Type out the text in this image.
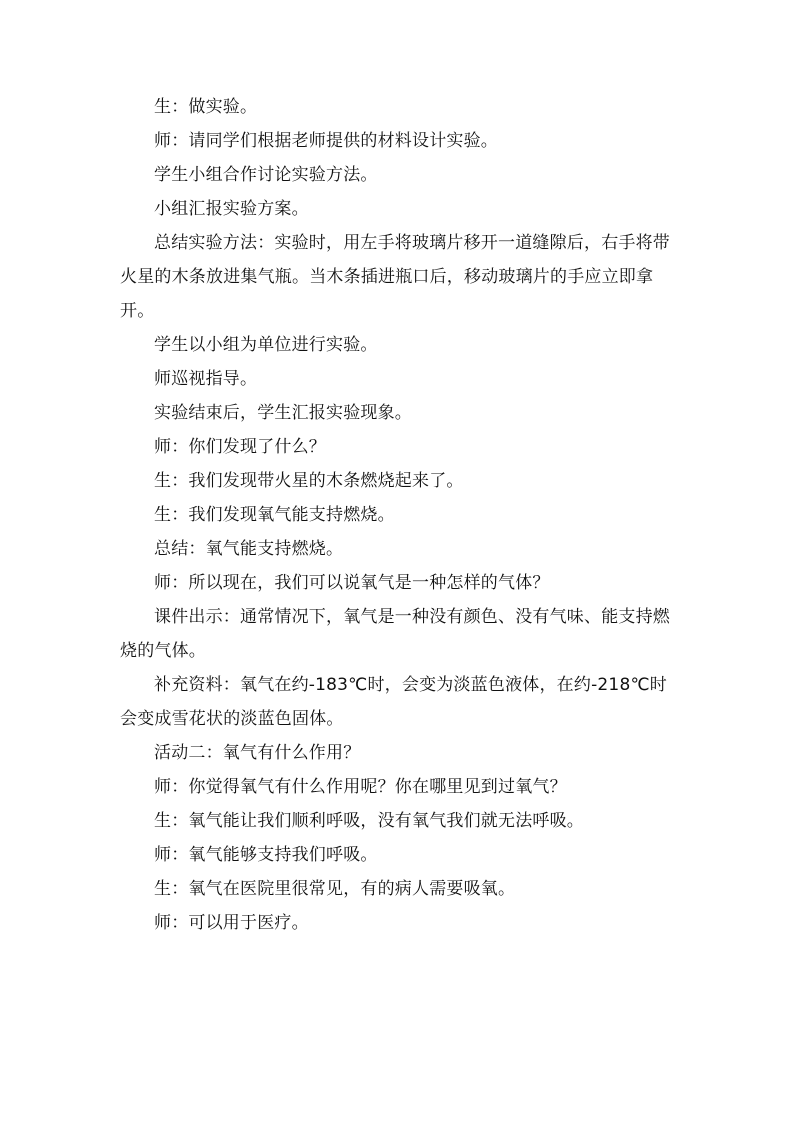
生：做实验。

师：请同学们根据老师提供的材料设计实验。

学生小组合作讨论实验方法。

小组汇报实验方案。

总结实验方法：实验时，用左手将玻璃片移开一道缝隙后，右手将带火星的木条放进集气瓶。当木条插进瓶口后，移动玻璃片的手应立即拿开。

学生以小组为单位进行实验。

师巡视指导。

实验结束后，学生汇报实验现象。

师：你们发现了什么？

生：我们发现带火星的木条燃烧起来了。

生：我们发现氧气能支持燃烧。

总结：氧气能支持燃烧。

师：所以现在，我们可以说氧气是一种怎样的气体？

课件出示：通常情况下，氧气是一种没有颜色、没有气味、能支持燃烧的气体。

补充资料：氧气在约-183℃时，会变为淡蓝色液体，在约-218℃时会变成雪花状的淡蓝色固体。

活动二：氧气有什么作用？

师：你觉得氧气有什么作用呢？你在哪里见到过氧气？

生：氧气能让我们顺利呼吸，没有氧气我们就无法呼吸。

师：氧气能够支持我们呼吸。

生：氧气在医院里很常见，有的病人需要吸氧。

师：可以用于医疗。
